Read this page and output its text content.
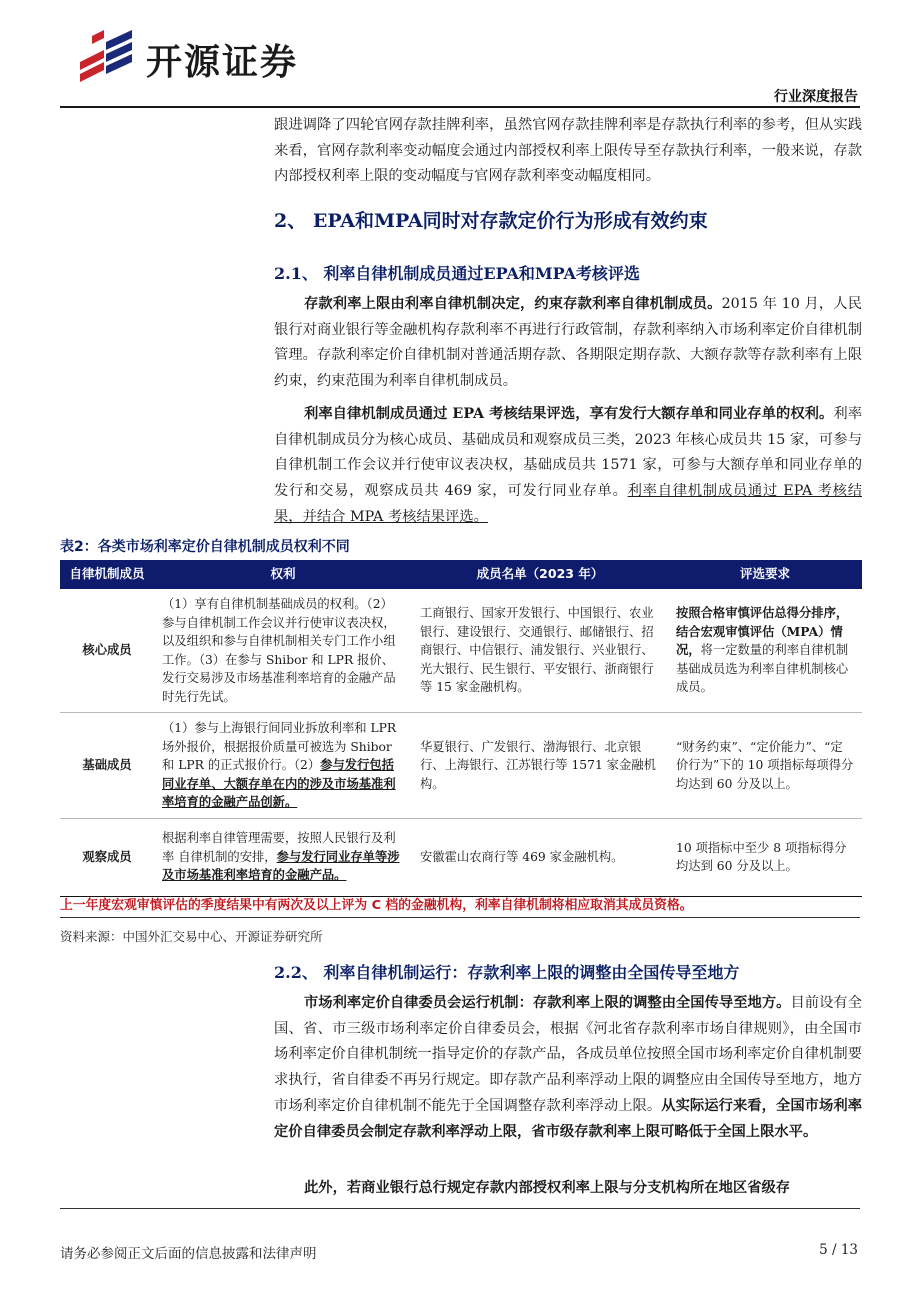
开源证券
行业深度报告

跟进调降了四轮官网存款挂牌利率，虽然官网存款挂牌利率是存款执行利率的参考，但从实践来看，官网存款利率变动幅度会通过内部授权利率上限传导至存款执行利率，一般来说，存款内部授权利率上限的变动幅度与官网存款利率变动幅度相同。

2、 EPA和MPA同时对存款定价行为形成有效约束
2.1、 利率自律机制成员通过EPA和MPA考核评选

存款利率上限由利率自律机制决定，约束存款利率自律机制成员。2015 年 10 月，人民银行对商业银行等金融机构存款利率不再进行行政管制，存款利率纳入市场利率定价自律机制管理。存款利率定价自律机制对普通活期存款、各期限定期存款、大额存款等存款利率有上限约束，约束范围为利率自律机制成员。

利率自律机制成员通过 EPA 考核结果评选，享有发行大额存单和同业存单的权利。利率自律机制成员分为核心成员、基础成员和观察成员三类，2023 年核心成员共 15 家，可参与自律机制工作会议并行使审议表决权，基础成员共 1571 家，可参与大额存单和同业存单的发行和交易，观察成员共 469 家，可发行同业存单。利率自律机制成员通过 EPA 考核结果，并结合 MPA 考核结果评选。

表2：各类市场利率定价自律机制成员权利不同
自律机制成员	权利	成员名单（2023 年）	评选要求
核心成员	（1）享有自律机制基础成员的权利。（2）参与自律机制工作会议并行使审议表决权，以及组织和参与自律机制相关专门工作小组工作。（3）在参与 Shibor 和 LPR 报价、发行交易涉及市场基准利率培育的金融产品时先行先试。	工商银行、国家开发银行、中国银行、农业银行、建设银行、交通银行、邮储银行、招商银行、中信银行、浦发银行、兴业银行、光大银行、民生银行、平安银行、浙商银行等 15 家金融机构。	按照合格审慎评估总得分排序，结合宏观审慎评估（MPA）情况，将一定数量的利率自律机制基础成员选为利率自律机制核心成员。
基础成员	（1）参与上海银行间同业拆放利率和 LPR 场外报价，根据报价质量可被选为 Shibor 和 LPR 的正式报价行。（2）参与发行包括同业存单、大额存单在内的涉及市场基准利率培育的金融产品创新。	华夏银行、广发银行、渤海银行、北京银行、上海银行、江苏银行等 1571 家金融机构。	“财务约束”、“定价能力”、“定价行为”下的 10 项指标每项得分均达到 60 分及以上。
观察成员	根据利率自律管理需要，按照人民银行及利率 自律机制的安排，参与发行同业存单等涉及市场基准利率培育的金融产品。	安徽霍山农商行等 469 家金融机构。	10 项指标中至少 8 项指标得分均达到 60 分及以上。
上一年度宏观审慎评估的季度结果中有两次及以上评为 C 档的金融机构，利率自律机制将相应取消其成员资格。
资料来源：中国外汇交易中心、开源证券研究所
2.2、 利率自律机制运行：存款利率上限的调整由全国传导至地方

市场利率定价自律委员会运行机制：存款利率上限的调整由全国传导至地方。目前设有全国、省、市三级市场利率定价自律委员会，根据《河北省存款利率市场自律规则》，由全国市场利率定价自律机制统一指导定价的存款产品，各成员单位按照全国市场利率定价自律机制要求执行，省自律委不再另行规定。即存款产品利率浮动上限的调整应由全国传导至地方，地方市场利率定价自律机制不能先于全国调整存款利率浮动上限。从实际运行来看，全国市场利率定价自律委员会制定存款利率浮动上限，省市级存款利率上限可略低于全国上限水平。

此外，若商业银行总行规定存款内部授权利率上限与分支机构所在地区省级存

请务必参阅正文后面的信息披露和法律声明	5 / 13
